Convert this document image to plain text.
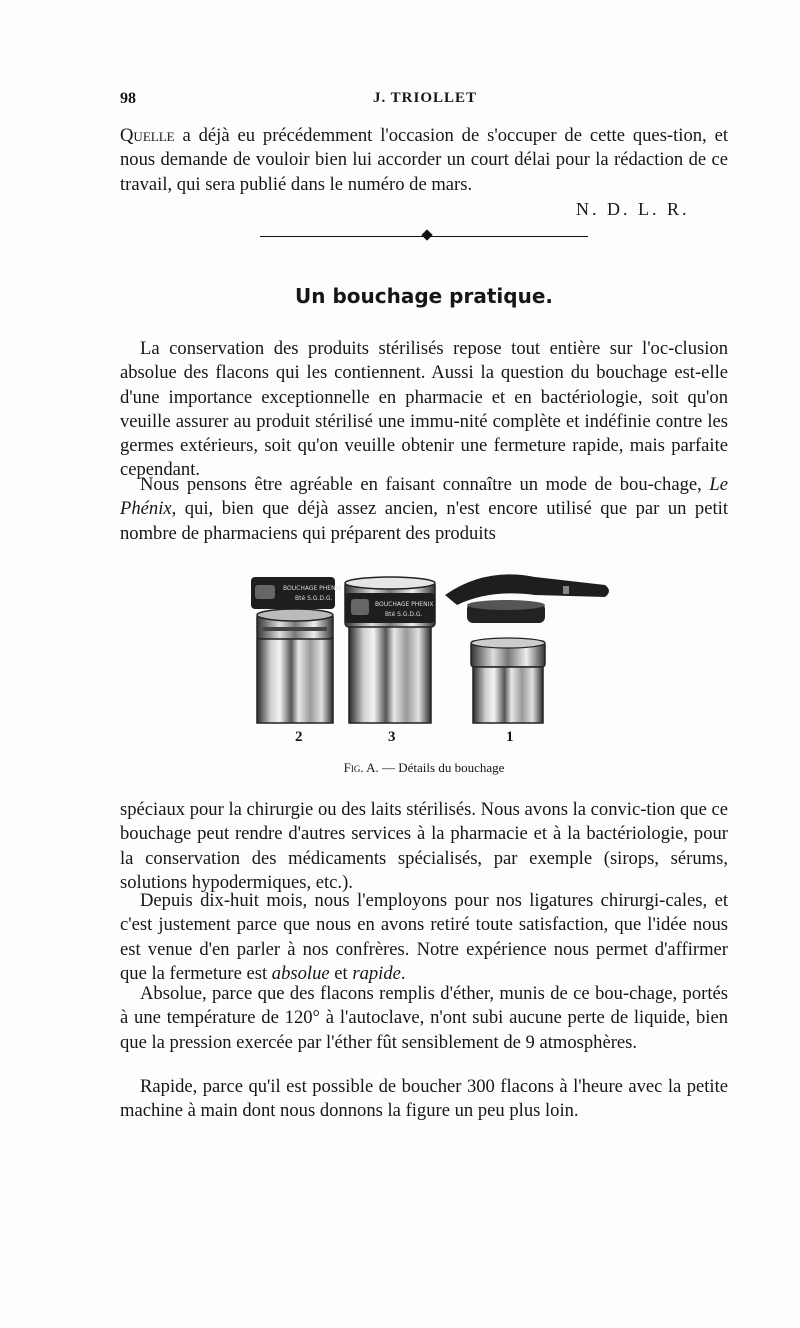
98	J. TRIOLLET

Quelle a déjà eu précédemment l'occasion de s'occuper de cette ques-tion, et nous demande de vouloir bien lui accorder un court délai pour la rédaction de ce travail, qui sera publié dans le numéro de mars.

N. D. L. R.
Un bouchage pratique.

La conservation des produits stérilisés repose tout entière sur l'oc-clusion absolue des flacons qui les contiennent. Aussi la question du bouchage est-elle d'une importance exceptionnelle en pharmacie et en bactériologie, soit qu'on veuille assurer au produit stérilisé une immu-nité complète et indéfinie contre les germes extérieurs, soit qu'on veuille obtenir une fermeture rapide, mais parfaite cependant.

Nous pensons être agréable en faisant connaître un mode de bou-chage, Le Phénix, qui, bien que déjà assez ancien, n'est encore utilisé que par un petit nombre de pharmaciens qui préparent des produits

BOUCHAGE PHENIX
Bté S.G.D.G.
BOUCHAGE PHENIX
Bté S.G.D.G.
2	3	1
Fig. A. — Détails du bouchage

spéciaux pour la chirurgie ou des laits stérilisés. Nous avons la convic-tion que ce bouchage peut rendre d'autres services à la pharmacie et à la bactériologie, pour la conservation des médicaments spécialisés, par exemple (sirops, sérums, solutions hypodermiques, etc.).

Depuis dix-huit mois, nous l'employons pour nos ligatures chirurgi-cales, et c'est justement parce que nous en avons retiré toute satisfaction, que l'idée nous est venue d'en parler à nos confrères. Notre expérience nous permet d'affirmer que la fermeture est absolue et rapide.

Absolue, parce que des flacons remplis d'éther, munis de ce bou-chage, portés à une température de 120° à l'autoclave, n'ont subi aucune perte de liquide, bien que la pression exercée par l'éther fût sensiblement de 9 atmosphères.

Rapide, parce qu'il est possible de boucher 300 flacons à l'heure avec la petite machine à main dont nous donnons la figure un peu plus loin.
